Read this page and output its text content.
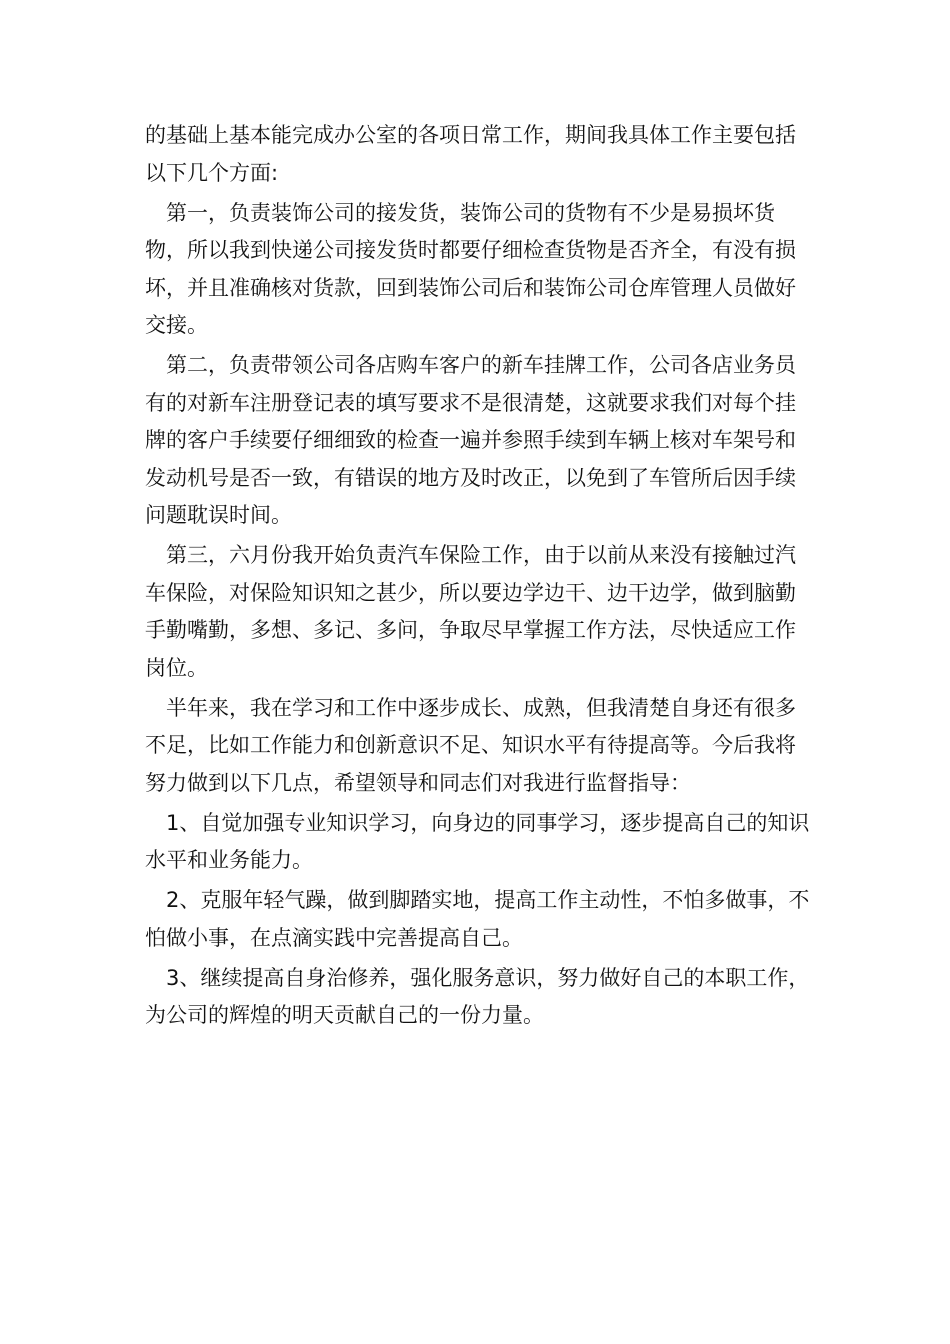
的基础上基本能完成办公室的各项日常工作，期间我具体工作主要包括以下几个方面:

第一，负责装饰公司的接发货，装饰公司的货物有不少是易损坏货物，所以我到快递公司接发货时都要仔细检查货物是否齐全，有没有损坏，并且准确核对货款，回到装饰公司后和装饰公司仓库管理人员做好交接。

第二，负责带领公司各店购车客户的新车挂牌工作，公司各店业务员有的对新车注册登记表的填写要求不是很清楚，这就要求我们对每个挂牌的客户手续要仔细细致的检查一遍并参照手续到车辆上核对车架号和发动机号是否一致，有错误的地方及时改正，以免到了车管所后因手续问题耽误时间。

第三，六月份我开始负责汽车保险工作，由于以前从来没有接触过汽车保险，对保险知识知之甚少，所以要边学边干、边干边学，做到脑勤手勤嘴勤，多想、多记、多问，争取尽早掌握工作方法，尽快适应工作岗位。

半年来，我在学习和工作中逐步成长、成熟，但我清楚自身还有很多不足，比如工作能力和创新意识不足、知识水平有待提高等。今后我将努力做到以下几点，希望领导和同志们对我进行监督指导：

1、自觉加强专业知识学习，向身边的同事学习，逐步提高自己的知识水平和业务能力。

2、克服年轻气躁，做到脚踏实地，提高工作主动性，不怕多做事，不怕做小事，在点滴实践中完善提高自己。

3、继续提高自身治修养，强化服务意识，努力做好自己的本职工作，为公司的辉煌的明天贡献自己的一份力量。
